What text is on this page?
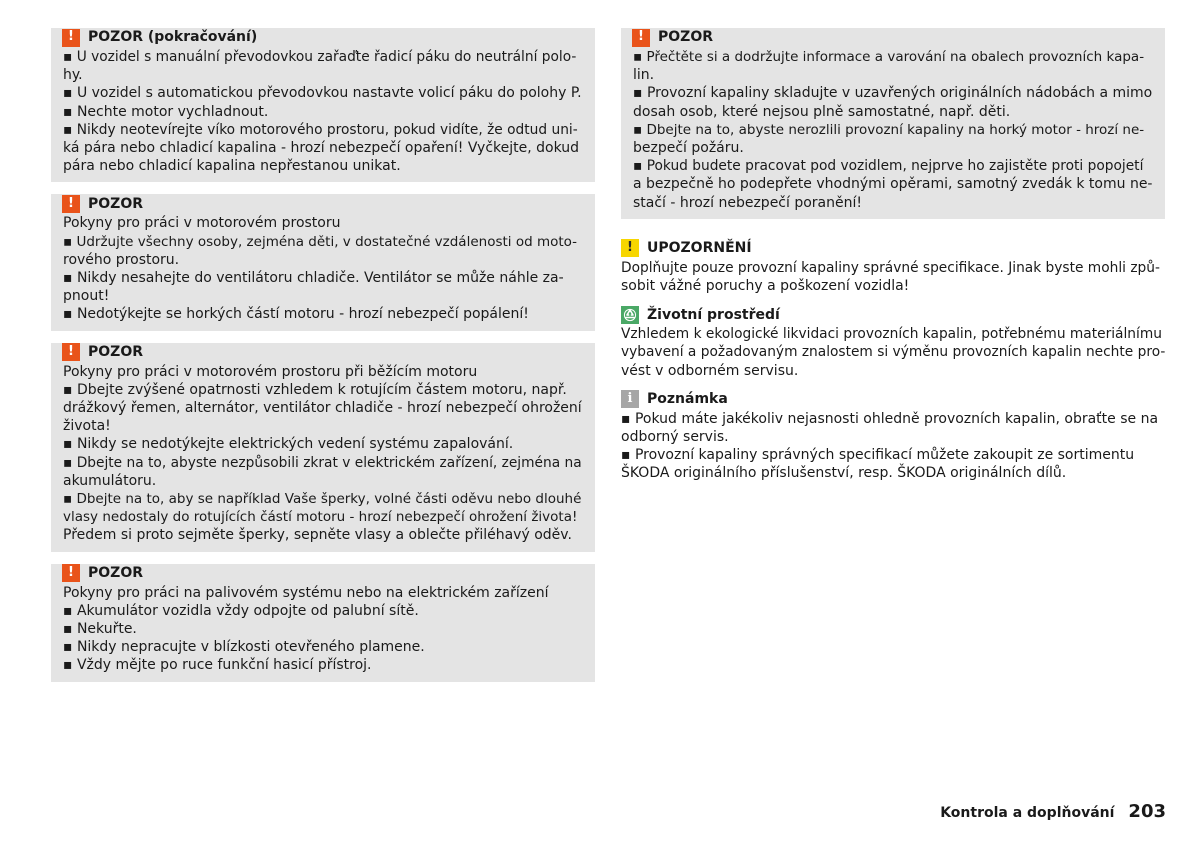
!	POZOR (pokračování)
▪ U vozidel s manuální převodovkou zařaďte řadicí páku do neutrální polo-
hy.
▪ U vozidel s automatickou převodovkou nastavte volicí páku do polohy P.
▪ Nechte motor vychladnout.
▪ Nikdy neotevírejte víko motorového prostoru, pokud vidíte, že odtud uni-
ká pára nebo chladicí kapalina - hrozí nebezpečí opaření! Vyčkejte, dokud
pára nebo chladicí kapalina nepřestanou unikat.
!	POZOR
Pokyny pro práci v motorovém prostoru
▪ Udržujte všechny osoby, zejména děti, v dostatečné vzdálenosti od moto-
rového prostoru.
▪ Nikdy nesahejte do ventilátoru chladiče. Ventilátor se může náhle za-
pnout!
▪ Nedotýkejte se horkých částí motoru - hrozí nebezpečí popálení!
!	POZOR
Pokyny pro práci v motorovém prostoru při běžícím motoru
▪ Dbejte zvýšené opatrnosti vzhledem k rotujícím částem motoru, např.
drážkový řemen, alternátor, ventilátor chladiče - hrozí nebezpečí ohrožení
života!
▪ Nikdy se nedotýkejte elektrických vedení systému zapalování.
▪ Dbejte na to, abyste nezpůsobili zkrat v elektrickém zařízení, zejména na
akumulátoru.
▪ Dbejte na to, aby se například Vaše šperky, volné části oděvu nebo dlouhé
vlasy nedostaly do rotujících částí motoru - hrozí nebezpečí ohrožení života!
Předem si proto sejměte šperky, sepněte vlasy a oblečte přiléhavý oděv.
!	POZOR
Pokyny pro práci na palivovém systému nebo na elektrickém zařízení
▪ Akumulátor vozidla vždy odpojte od palubní sítě.
▪ Nekuřte.
▪ Nikdy nepracujte v blízkosti otevřeného plamene.
▪ Vždy mějte po ruce funkční hasicí přístroj.
!	POZOR
▪ Přečtěte si a dodržujte informace a varování na obalech provozních kapa-
lin.
▪ Provozní kapaliny skladujte v uzavřených originálních nádobách a mimo
dosah osob, které nejsou plně samostatné, např. děti.
▪ Dbejte na to, abyste nerozlili provozní kapaliny na horký motor - hrozí ne-
bezpečí požáru.
▪ Pokud budete pracovat pod vozidlem, nejprve ho zajistěte proti popojetí
a bezpečně ho podepřete vhodnými opěrami, samotný zvedák k tomu ne-
stačí - hrozí nebezpečí poranění!
!	UPOZORNĚNÍ
Doplňujte pouze provozní kapaliny správné specifikace. Jinak byste mohli způ-
sobit vážné poruchy a poškození vozidla!
Životní prostředí
Vzhledem k ekologické likvidaci provozních kapalin, potřebnému materiálnímu
vybavení a požadovaným znalostem si výměnu provozních kapalin nechte pro-
vést v odborném servisu.
i	Poznámka
▪ Pokud máte jakékoliv nejasnosti ohledně provozních kapalin, obraťte se na
odborný servis.
▪ Provozní kapaliny správných specifikací můžete zakoupit ze sortimentu
ŠKODA originálního příslušenství, resp. ŠKODA originálních dílů.
Kontrola a doplňování 203
